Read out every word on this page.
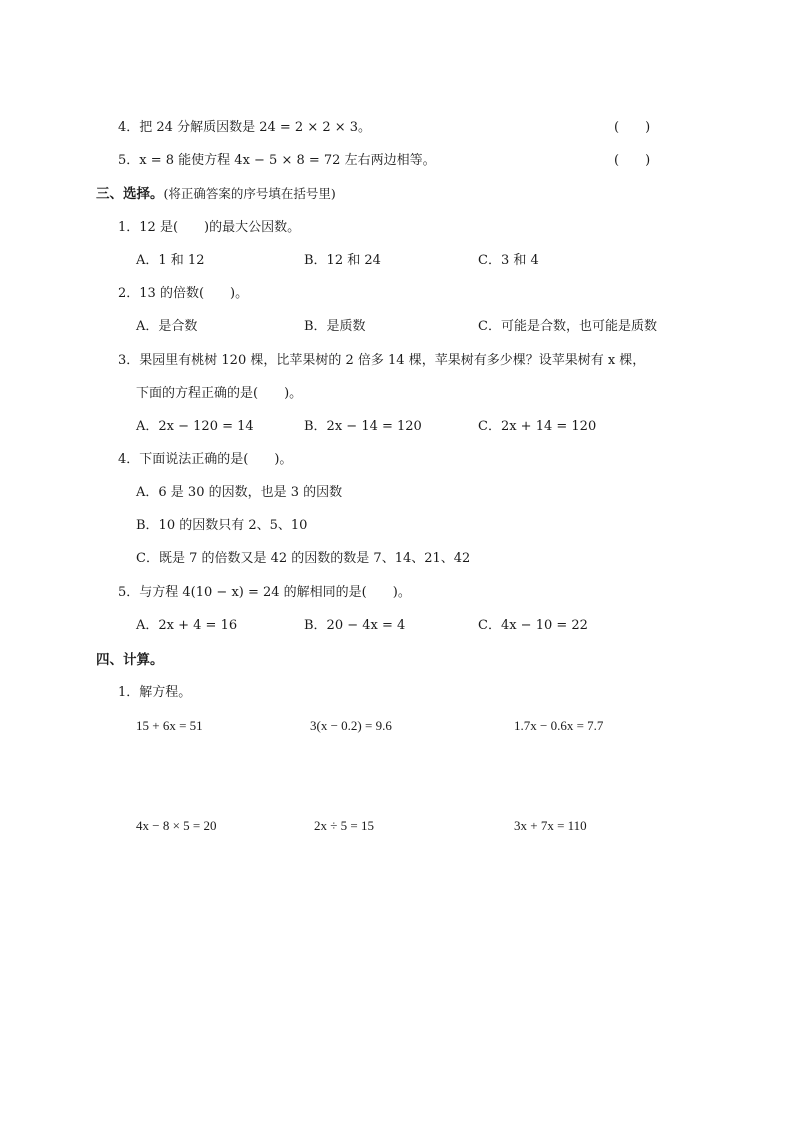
4．把 24 分解质因数是 24 = 2 × 2 × 3。	(　　)
5．x = 8 能使方程 4x − 5 × 8 = 72 左右两边相等。	(　　)
三、选择。(将正确答案的序号填在括号里)
1．12 是(　　)的最大公因数。
A．1 和 12	B．12 和 24	C．3 和 4
2．13 的倍数(　　)。
A．是合数	B．是质数	C．可能是合数，也可能是质数
3．果园里有桃树 120 棵，比苹果树的 2 倍多 14 棵，苹果树有多少棵？设苹果树有 x 棵，
下面的方程正确的是(　　)。
A．2x − 120 = 14	B．2x − 14 = 120	C．2x + 14 = 120
4．下面说法正确的是(　　)。
A．6 是 30 的因数，也是 3 的因数
B．10 的因数只有 2、5、10
C．既是 7 的倍数又是 42 的因数的数是 7、14、21、42
5．与方程 4(10 − x) = 24 的解相同的是(　　)。
A．2x + 4 = 16	B．20 − 4x = 4	C．4x − 10 = 22
四、计算。
1．解方程。
15 + 6x = 51	3(x − 0.2) = 9.6	1.7x − 0.6x = 7.7
4x − 8 × 5 = 20	2x ÷ 5 = 15	3x + 7x = 110
